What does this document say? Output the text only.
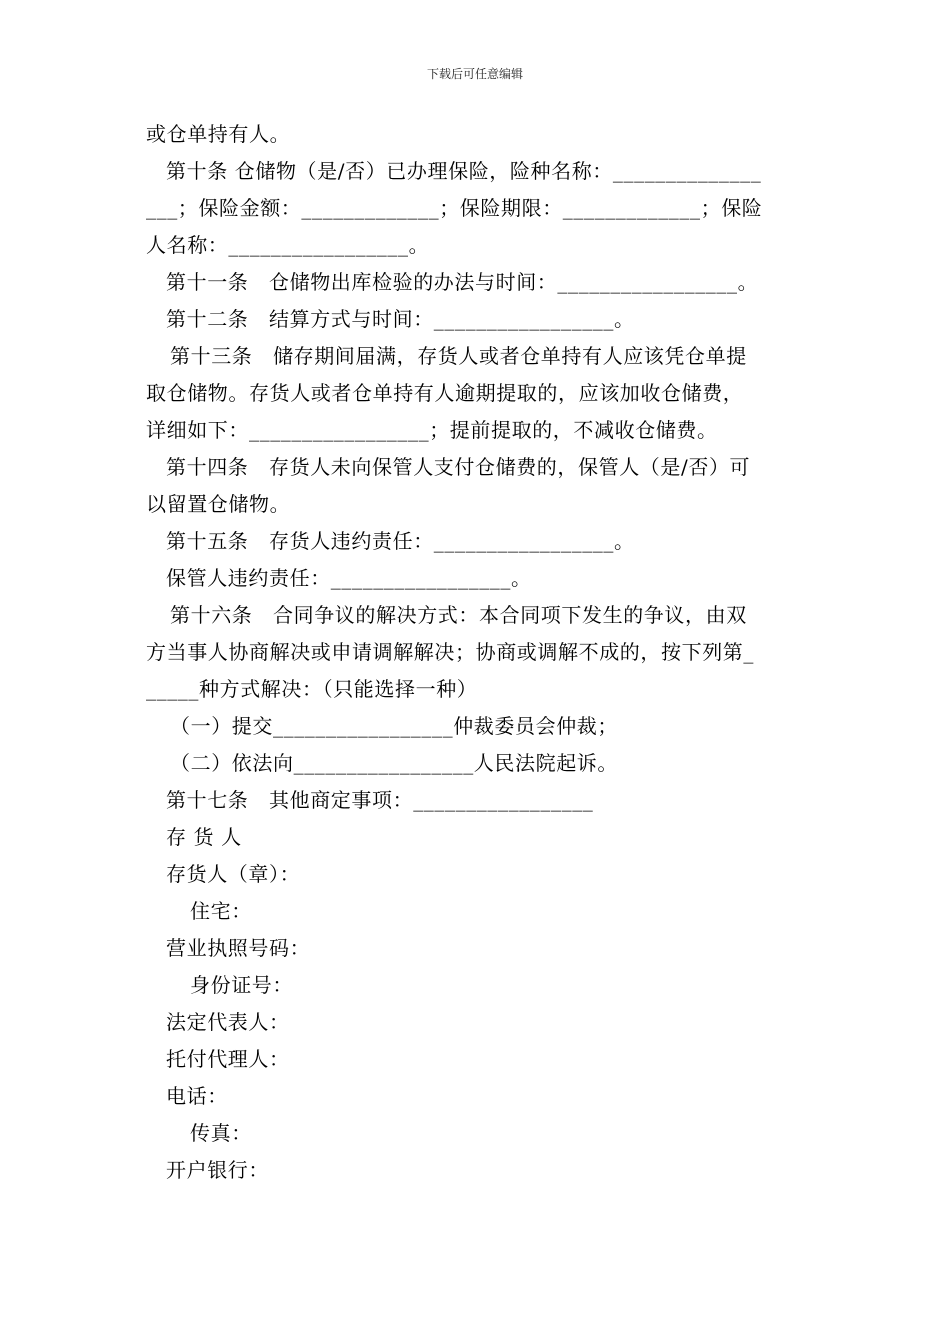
下载后可任意编辑
或仓单持有人。
第十条 仓储物（是/否）已办理保险，险种名称：______________
___；保险金额：_____________；保险期限：_____________；保险
人名称：_________________。
第十一条　仓储物出库检验的办法与时间：_________________。
第十二条　结算方式与时间：_________________。
第十三条　储存期间届满，存货人或者仓单持有人应该凭仓单提
取仓储物。存货人或者仓单持有人逾期提取的，应该加收仓储费，
详细如下：_________________；提前提取的，不减收仓储费。
第十四条　存货人未向保管人支付仓储费的，保管人（是/否）可
以留置仓储物。
第十五条　存货人违约责任：_________________。
保管人违约责任：_________________。
第十六条　合同争议的解决方式：本合同项下发生的争议，由双
方当事人协商解决或申请调解解决；协商或调解不成的，按下列第_
_____种方式解决：（只能选择一种）
（一）提交_________________仲裁委员会仲裁；
（二）依法向_________________人民法院起诉。
第十七条　其他商定事项：_________________
存 货 人
存货人（章）：
住宅：
营业执照号码：
身份证号：
法定代表人：
托付代理人：
电话：
传真：
开户银行：
